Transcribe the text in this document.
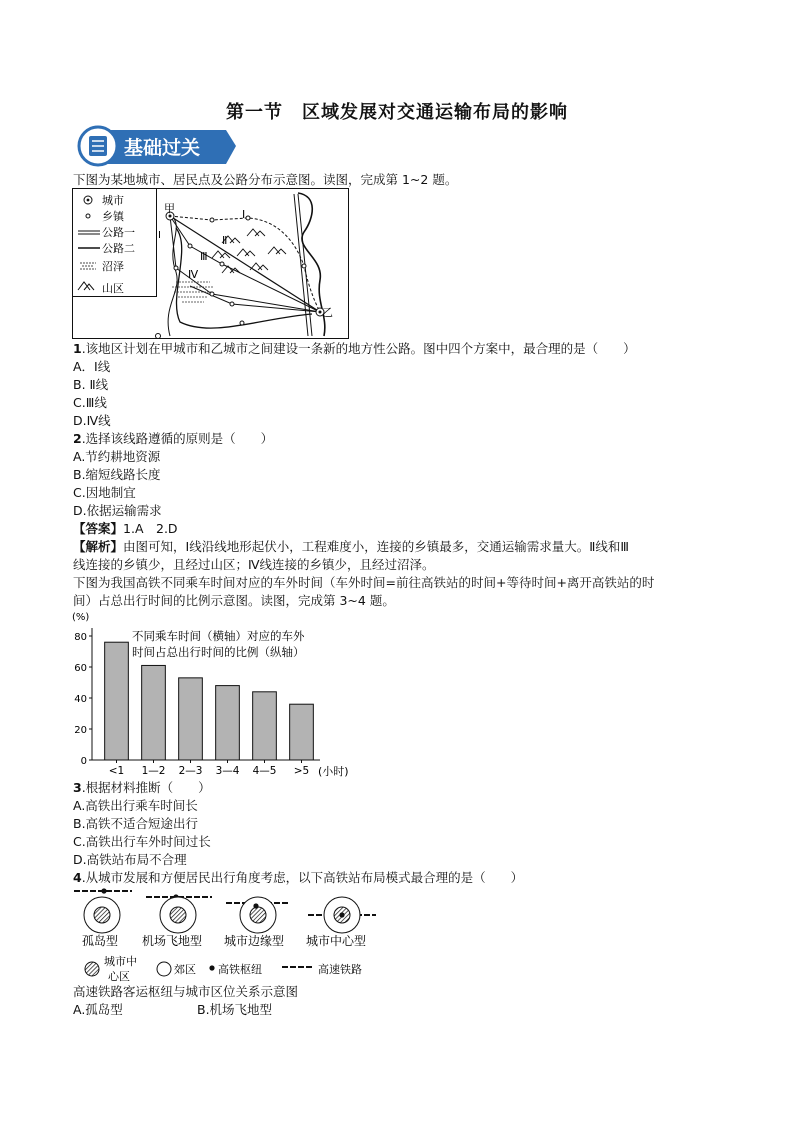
第一节　区域发展对交通运输布局的影响
基础过关
下图为某地城市、居民点及公路分布示意图。读图，完成第 1~2 题。
城市
乡镇
公路一
公路二
沼泽
山区
甲
乙
Ⅰ
Ⅱ
Ⅲ
Ⅳ
I
1.该地区计划在甲城市和乙城市之间建设一条新的地方性公路。图中四个方案中，最合理的是（　　）
A．Ⅰ线
B. Ⅱ线
C.Ⅲ线
D.Ⅳ线
2.选择该线路遵循的原则是（　　）
A.节约耕地资源
B.缩短线路长度
C.因地制宜
D.依据运输需求
【答案】1.A　2.D
【解析】由图可知，Ⅰ线沿线地形起伏小，工程难度小，连接的乡镇最多，交通运输需求量大。Ⅱ线和Ⅲ
线连接的乡镇少，且经过山区；Ⅳ线连接的乡镇少，且经过沼泽。
下图为我国高铁不同乘车时间对应的车外时间（车外时间=前往高铁站的时间+等待时间+离开高铁站的时
间）占总出行时间的比例示意图。读图，完成第 3~4 题。
(%)
不同乘车时间（横轴）对应的车外
时间占总出行时间的比例（纵轴）
0
20
40
60
80
<1 1—2 2—3 3—4 4—5 >5 (小时)
3.根据材料推断（　　）
A.高铁出行乘车时间长
B.高铁不适合短途出行
C.高铁出行车外时间过长
D.高铁站布局不合理
4.从城市发展和方便居民出行角度考虑，以下高铁站布局模式最合理的是（　　）
孤岛型 机场飞地型 城市边缘型 城市中心型
城市中
心区
郊区 高铁枢纽	高速铁路
高速铁路客运枢纽与城市区位关系示意图
A.孤岛型	B.机场飞地型
